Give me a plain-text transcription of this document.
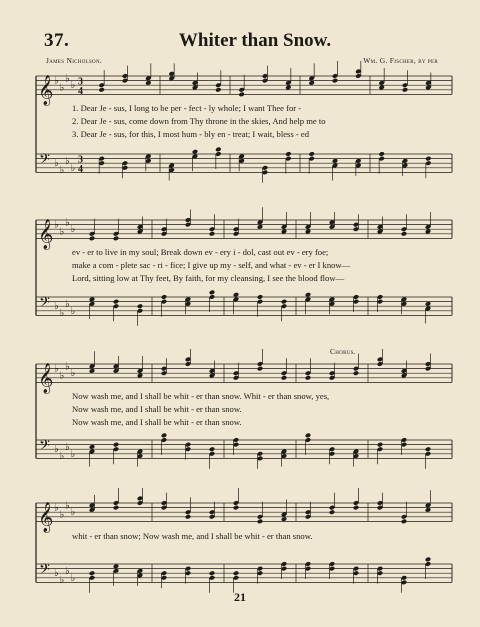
37.	Whiter than Snow.
James Nicholson.	Wm. G. Fischer, by per
Chorus.
𝄞
𝄢
♭
♭
♭
♭
♭
♭
♭
♭
3
4
3
4
𝄞
𝄢
♭
♭
♭
♭
♭
♭
♭
♭
𝄞
𝄢
♭
♭
♭
♭
♭
♭
♭
♭
𝄞
𝄢
♭
♭
♭
♭
♭
♭
♭
♭
1. Dear Je - sus, I long to be per - fect - ly whole; I want Thee for -
2. Dear Je - sus, come down from Thy throne in the skies, And help me to
3. Dear Je - sus, for this, I most hum - bly en - treat; I wait, bless - ed
ev - er to live in my soul; Break down ev - ery i - dol, cast out ev - ery foe;
make a com - plete sac - ri - fice; I give up my - self, and what - ev - er I know—
Lord, sitting low at Thy feet, By faith, for my cleansing, I see the blood flow—
Now wash me, and I shall be whit - er than snow. Whit - er than snow, yes,
Now wash me, and I shall be whit - er than snow.
Now wash me, and I shall be whit - er than snow.
whit - er than snow; Now wash me, and I shall be whit - er than snow.
21
